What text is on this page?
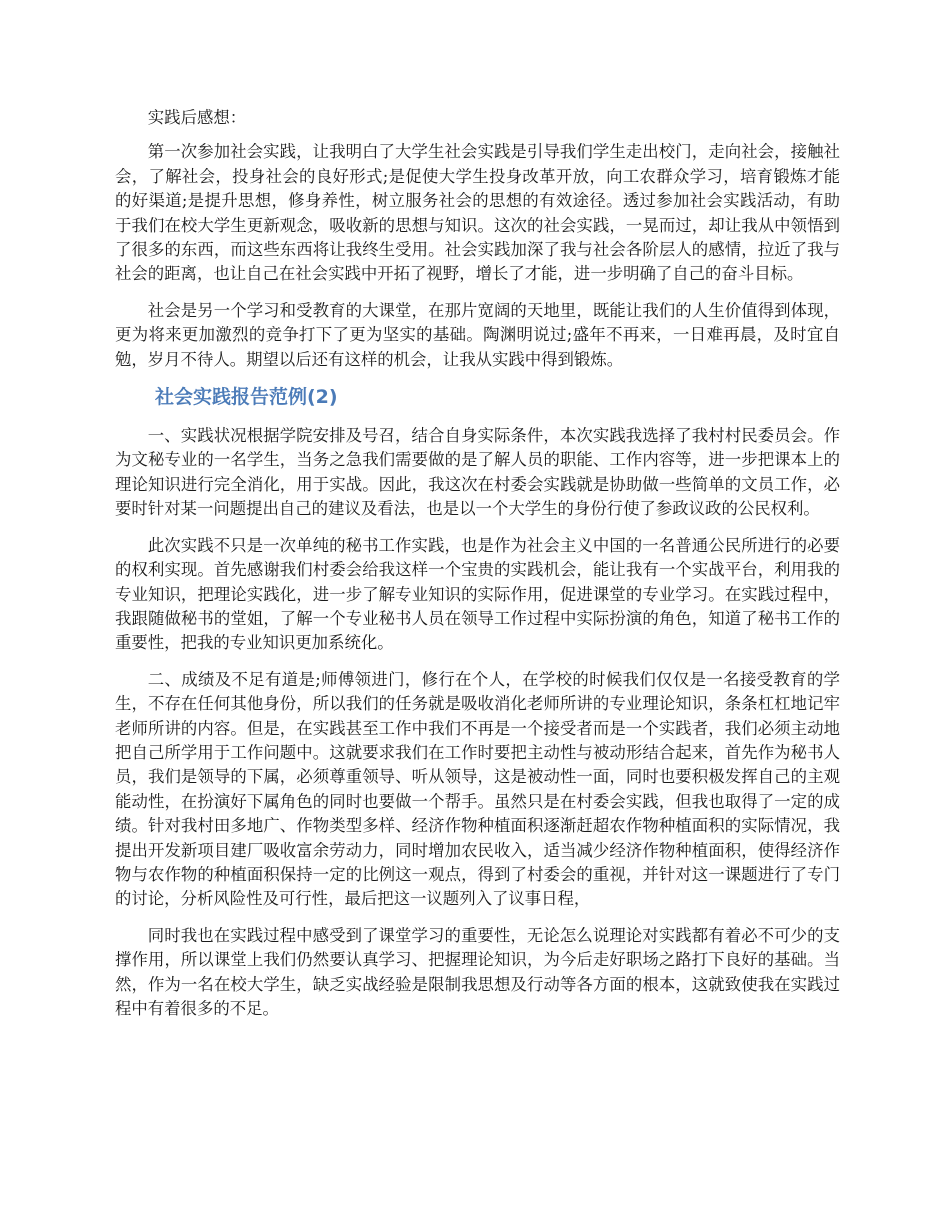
实践后感想：

第一次参加社会实践，让我明白了大学生社会实践是引导我们学生走出校门，走向社会，接触社会，了解社会，投身社会的良好形式;是促使大学生投身改革开放，向工农群众学习，培育锻炼才能的好渠道;是提升思想，修身养性，树立服务社会的思想的有效途径。透过参加社会实践活动，有助于我们在校大学生更新观念，吸收新的思想与知识。这次的社会实践，一晃而过，却让我从中领悟到了很多的东西，而这些东西将让我终生受用。社会实践加深了我与社会各阶层人的感情，拉近了我与社会的距离，也让自己在社会实践中开拓了视野，增长了才能，进一步明确了自己的奋斗目标。

社会是另一个学习和受教育的大课堂，在那片宽阔的天地里，既能让我们的人生价值得到体现，更为将来更加激烈的竞争打下了更为坚实的基础。陶渊明说过;盛年不再来，一日难再晨，及时宜自勉，岁月不待人。期望以后还有这样的机会，让我从实践中得到锻炼。

社会实践报告范例(2)

一、实践状况根据学院安排及号召，结合自身实际条件，本次实践我选择了我村村民委员会。作为文秘专业的一名学生，当务之急我们需要做的是了解人员的职能、工作内容等，进一步把课本上的理论知识进行完全消化，用于实战。因此，我这次在村委会实践就是协助做一些简单的文员工作，必要时针对某一问题提出自己的建议及看法，也是以一个大学生的身份行使了参政议政的公民权利。

此次实践不只是一次单纯的秘书工作实践，也是作为社会主义中国的一名普通公民所进行的必要的权利实现。首先感谢我们村委会给我这样一个宝贵的实践机会，能让我有一个实战平台，利用我的专业知识，把理论实践化，进一步了解专业知识的实际作用，促进课堂的专业学习。在实践过程中，我跟随做秘书的堂姐，了解一个专业秘书人员在领导工作过程中实际扮演的角色，知道了秘书工作的重要性，把我的专业知识更加系统化。

二、成绩及不足有道是;师傅领进门，修行在个人，在学校的时候我们仅仅是一名接受教育的学生，不存在任何其他身份，所以我们的任务就是吸收消化老师所讲的专业理论知识，条条杠杠地记牢老师所讲的内容。但是，在实践甚至工作中我们不再是一个接受者而是一个实践者，我们必须主动地把自己所学用于工作问题中。这就要求我们在工作时要把主动性与被动形结合起来，首先作为秘书人员，我们是领导的下属，必须尊重领导、听从领导，这是被动性一面，同时也要积极发挥自己的主观能动性，在扮演好下属角色的同时也要做一个帮手。虽然只是在村委会实践，但我也取得了一定的成绩。针对我村田多地广、作物类型多样、经济作物种植面积逐渐赶超农作物种植面积的实际情况，我提出开发新项目建厂吸收富余劳动力，同时增加农民收入，适当减少经济作物种植面积，使得经济作物与农作物的种植面积保持一定的比例这一观点，得到了村委会的重视，并针对这一课题进行了专门的讨论，分析风险性及可行性，最后把这一议题列入了议事日程，

同时我也在实践过程中感受到了课堂学习的重要性，无论怎么说理论对实践都有着必不可少的支撑作用，所以课堂上我们仍然要认真学习、把握理论知识，为今后走好职场之路打下良好的基础。当然，作为一名在校大学生，缺乏实战经验是限制我思想及行动等各方面的根本，这就致使我在实践过程中有着很多的不足。
